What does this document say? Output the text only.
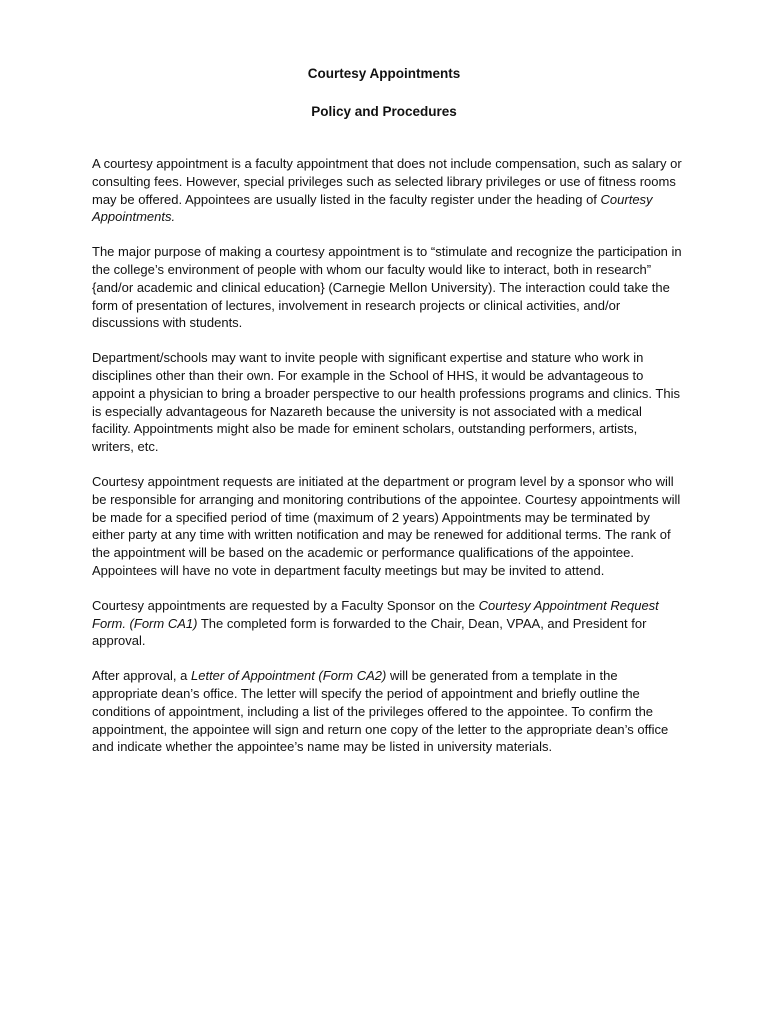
Courtesy Appointments
Policy and Procedures

A courtesy appointment is a faculty appointment that does not include compensation, such as salary or consulting fees. However, special privileges such as selected library privileges or use of fitness rooms may be offered. Appointees are usually listed in the faculty register under the heading of Courtesy Appointments.

The major purpose of making a courtesy appointment is to “stimulate and recognize the participation in the college’s environment of people with whom our faculty would like to interact, both in research” {and/or academic and clinical education} (Carnegie Mellon University). The interaction could take the form of presentation of lectures, involvement in research projects or clinical activities, and/or discussions with students.

Department/schools may want to invite people with significant expertise and stature who work in disciplines other than their own. For example in the School of HHS, it would be advantageous to appoint a physician to bring a broader perspective to our health professions programs and clinics. This is especially advantageous for Nazareth because the university is not associated with a medical facility. Appointments might also be made for eminent scholars, outstanding performers, artists, writers, etc.

Courtesy appointment requests are initiated at the department or program level by a sponsor who will be responsible for arranging and monitoring contributions of the appointee. Courtesy appointments will be made for a specified period of time (maximum of 2 years) Appointments may be terminated by either party at any time with written notification and may be renewed for additional terms. The rank of the appointment will be based on the academic or performance qualifications of the appointee. Appointees will have no vote in department faculty meetings but may be invited to attend.

Courtesy appointments are requested by a Faculty Sponsor on the Courtesy Appointment Request Form. (Form CA1) The completed form is forwarded to the Chair, Dean, VPAA, and President for approval.

After approval, a Letter of Appointment (Form CA2) will be generated from a template in the appropriate dean’s office. The letter will specify the period of appointment and briefly outline the conditions of appointment, including a list of the privileges offered to the appointee. To confirm the appointment, the appointee will sign and return one copy of the letter to the appropriate dean’s office and indicate whether the appointee’s name may be listed in university materials.
